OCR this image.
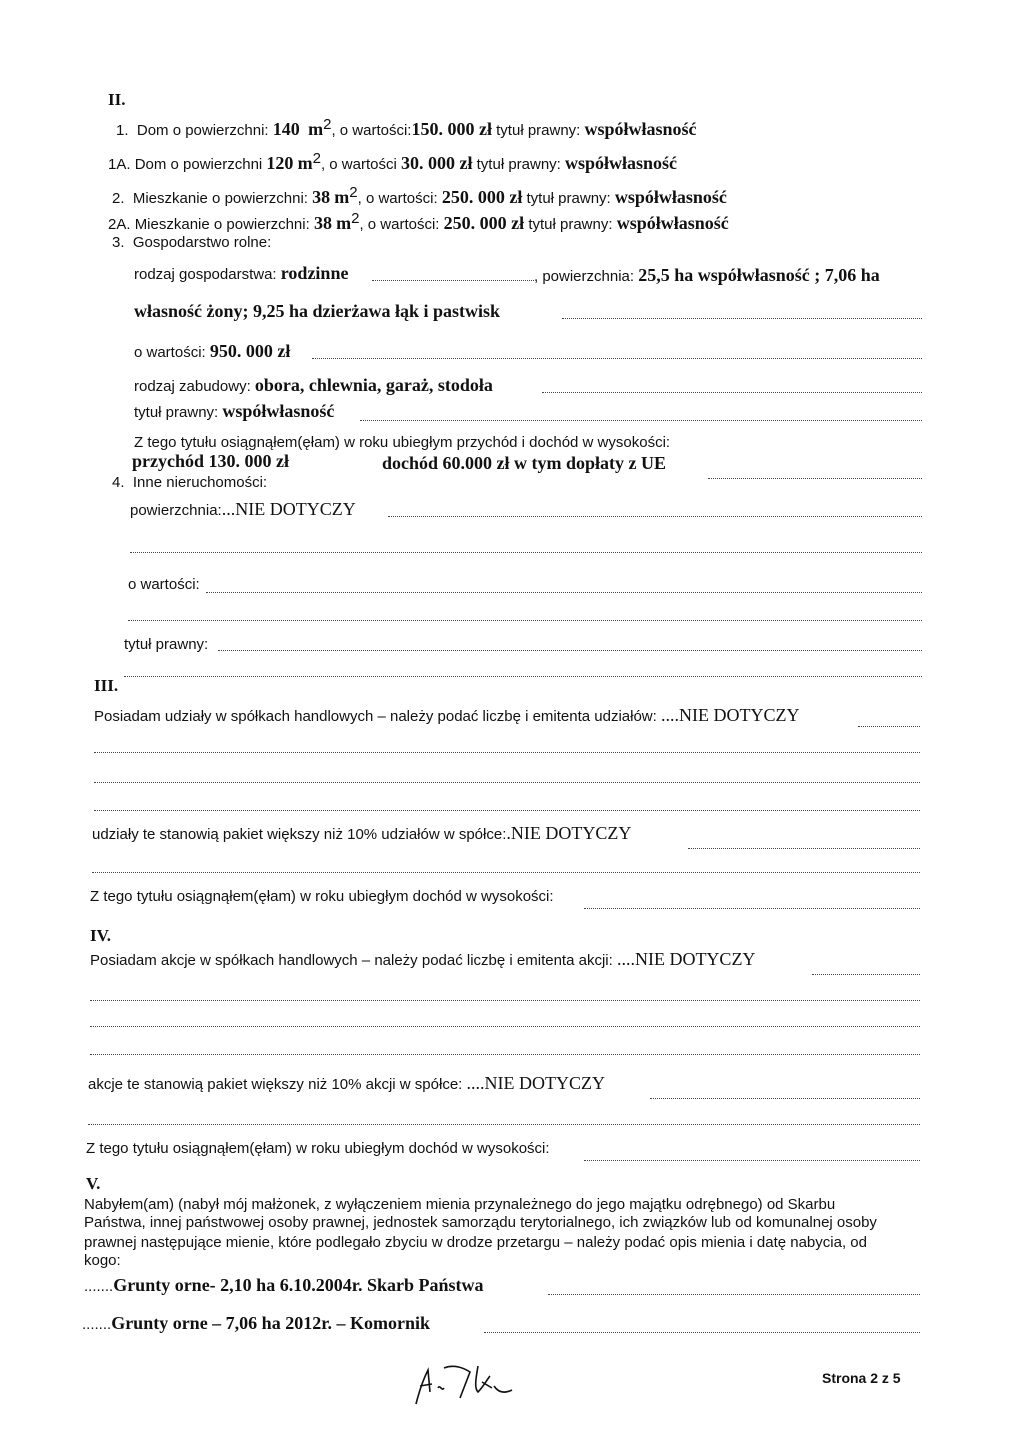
II.
1. Dom o powierzchni: 140 $m^2$, o wartości:150. 000 zł tytuł prawny: współwłasność
1A. Dom o powierzchni 120 $m^2$, o wartości 30. 000 zł tytuł prawny: współwłasność
2. Mieszkanie o powierzchni: 38 $m^2$, o wartości: 250. 000 zł tytuł prawny: współwłasność
2A. Mieszkanie o powierzchni: 38 $m^2$, o wartości: 250. 000 zł tytuł prawny: współwłasność
3. Gospodarstwo rolne:
rodzaj gospodarstwa: rodzinne	, powierzchnia: 25,5 ha współwłasność ; 7,06 ha
własność żony; 9,25 ha dzierżawa łąk i pastwisk
o wartości: 950. 000 zł
rodzaj zabudowy: obora, chlewnia, garaż, stodoła
tytuł prawny: współwłasność
Z tego tytułu osiągnąłem(ęłam) w roku ubiegłym przychód i dochód w wysokości:
przychód 130. 000 zł	dochód 60.000 zł w tym dopłaty z UE
4. Inne nieruchomości:
powierzchnia:...NIE DOTYCZY
o wartości:
tytuł prawny:
III.
Posiadam udziały w spółkach handlowych – należy podać liczbę i emitenta udziałów: ....NIE DOTYCZY
udziały te stanowią pakiet większy niż 10% udziałów w spółce:.NIE DOTYCZY
Z tego tytułu osiągnąłem(ęłam) w roku ubiegłym dochód w wysokości:
IV.
Posiadam akcje w spółkach handlowych – należy podać liczbę i emitenta akcji: ....NIE DOTYCZY
akcje te stanowią pakiet większy niż 10% akcji w spółce: ....NIE DOTYCZY
Z tego tytułu osiągnąłem(ęłam) w roku ubiegłym dochód w wysokości:
V.
Nabyłem(am) (nabył mój małżonek, z wyłączeniem mienia przynależnego do jego majątku odrębnego) od Skarbu
Państwa, innej państwowej osoby prawnej, jednostek samorządu terytorialnego, ich związków lub od komunalnej osoby
prawnej następujące mienie, które podlegało zbyciu w drodze przetargu – należy podać opis mienia i datę nabycia, od
kogo:
.......Grunty orne- 2,10 ha 6.10.2004r. Skarb Państwa
.......Grunty orne – 7,06 ha 2012r. – Komornik
Strona 2 z 5
